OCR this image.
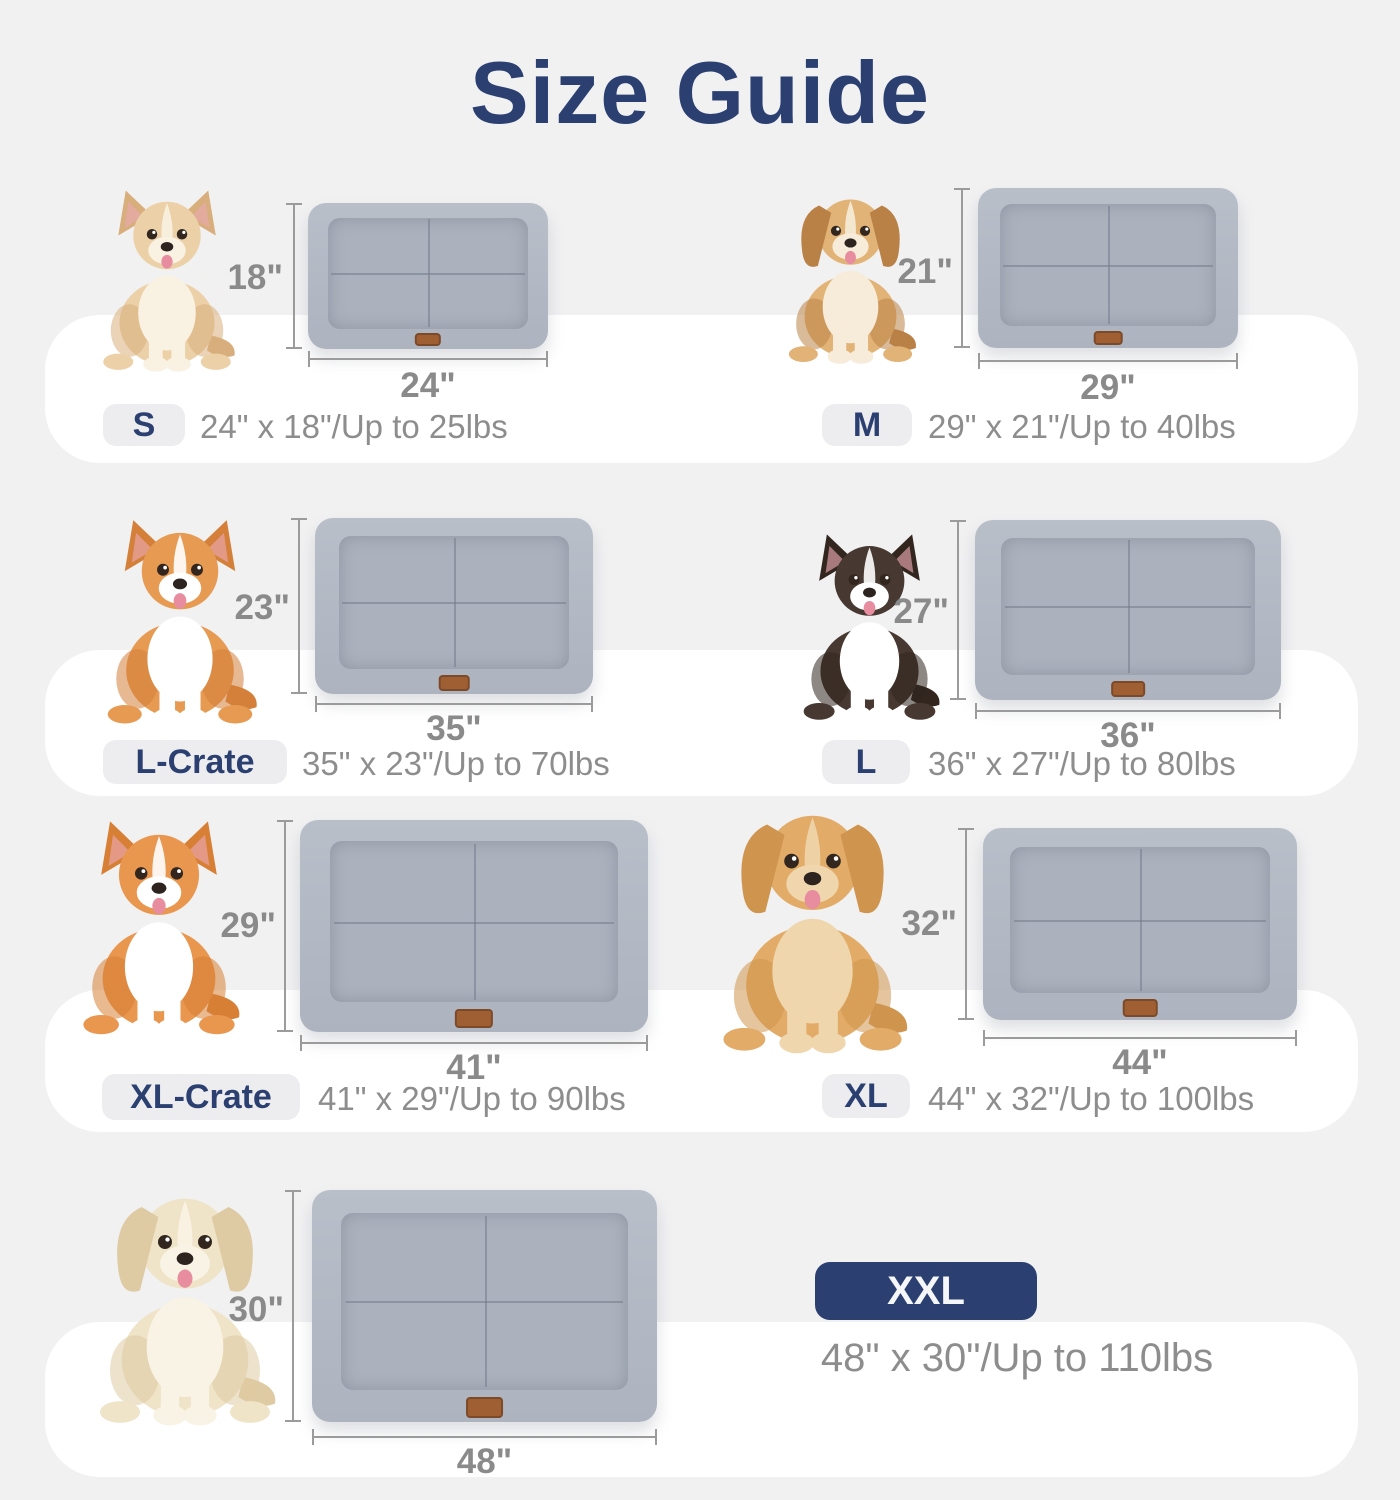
Size Guide
18"
24"
S	24" x 18"/Up to 25lbs
21"
29"
M	29" x 21"/Up to 40lbs
23"
35"
L-Crate	35" x 23"/Up to 70lbs
27"
36"
L	36" x 27"/Up to 80lbs
29"
41"
XL-Crate	41" x 29"/Up to 90lbs
32"
44"
XL	44" x 32"/Up to 100lbs
30"
48"
XXL
48" x 30"/Up to 110lbs
